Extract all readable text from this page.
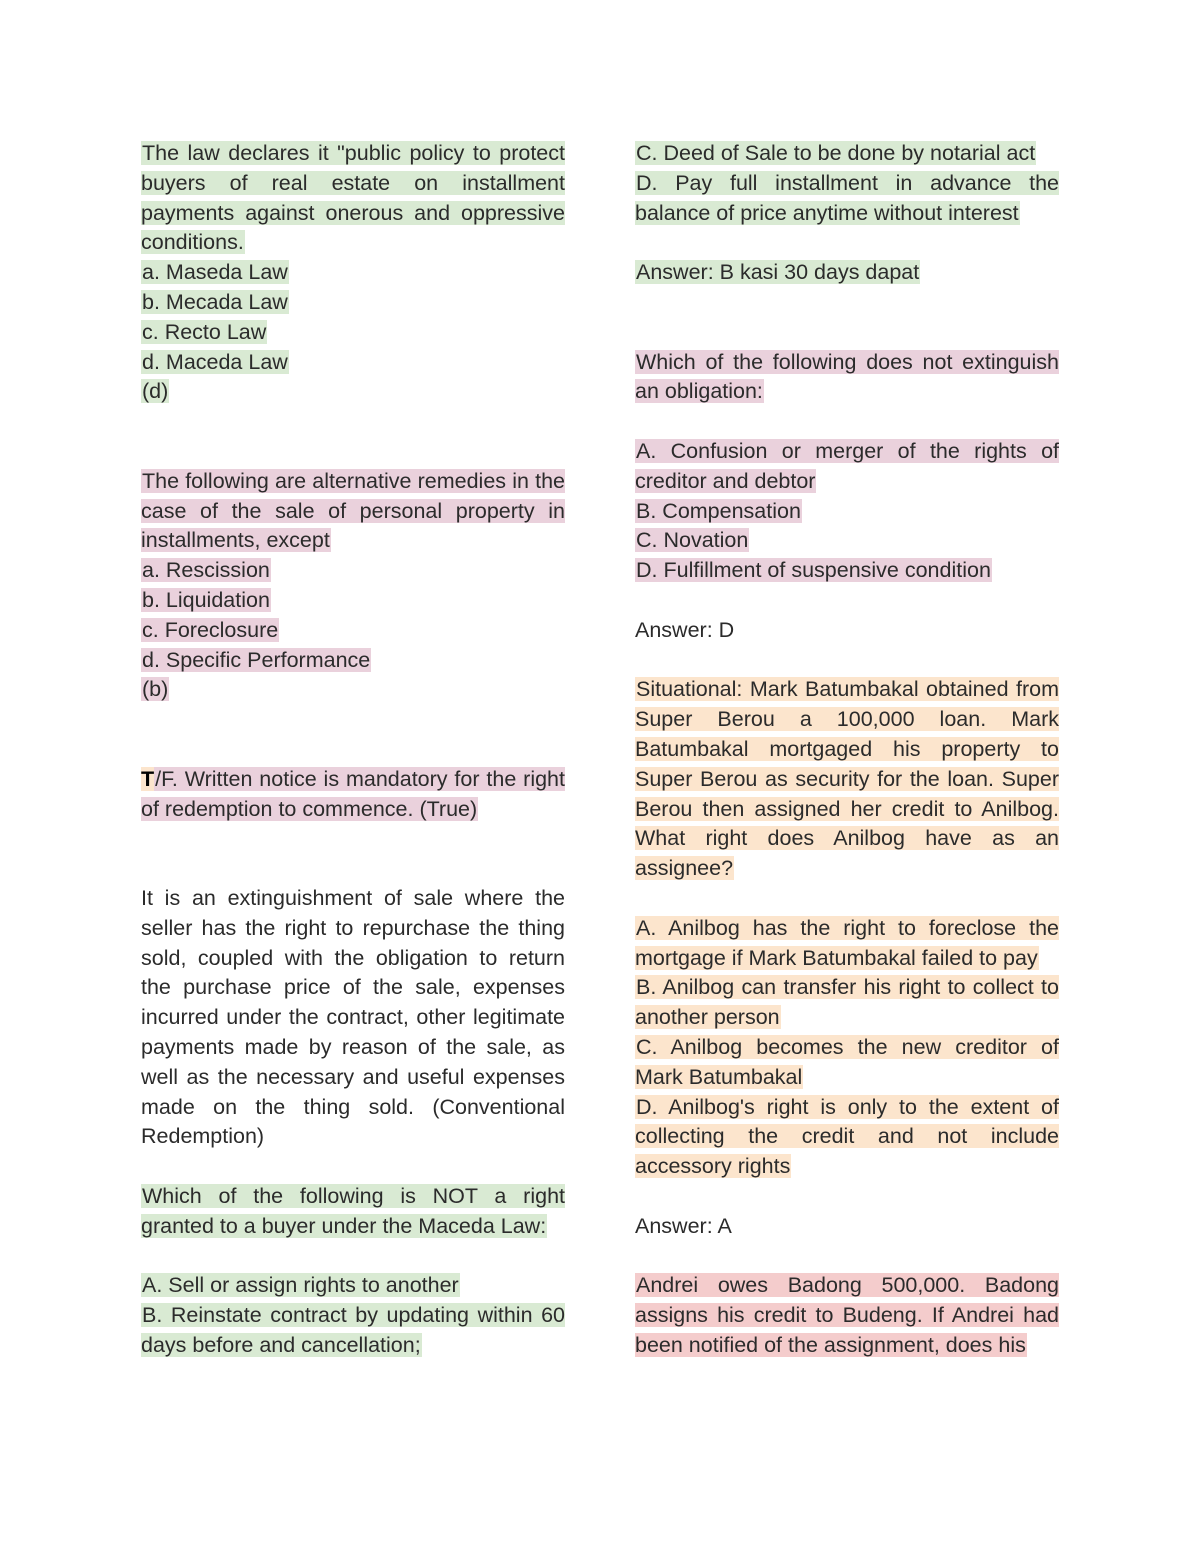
The law declares it "public policy to protect buyers of real estate on installment payments against onerous and oppressive conditions.
a. Maseda Law
b. Mecada Law
c. Recto Law
d. Maceda Law
(d)
The following are alternative remedies in the case of the sale of personal property in installments, except
a. Rescission
b. Liquidation
c. Foreclosure
d. Specific Performance
(b)
T/F. Written notice is mandatory for the right of redemption to commence. (True)
It is an extinguishment of sale where the seller has the right to repurchase the thing sold, coupled with the obligation to return the purchase price of the sale, expenses incurred under the contract, other legitimate payments made by reason of the sale, as well as the necessary and useful expenses made on the thing sold. (Conventional Redemption)
Which of the following is NOT a right granted to a buyer under the Maceda Law:
A. Sell or assign rights to another
B. Reinstate contract by updating within 60 days before and cancellation;
C. Deed of Sale to be done by notarial act
D. Pay full installment in advance the balance of price anytime without interest
Answer: B kasi 30 days dapat
Which of the following does not extinguish an obligation:
A. Confusion or merger of the rights of creditor and debtor
B. Compensation
C. Novation
D. Fulfillment of suspensive condition
Answer: D
Situational: Mark Batumbakal obtained from Super Berou a 100,000 loan. Mark Batumbakal mortgaged his property to Super Berou as security for the loan. Super Berou then assigned her credit to Anilbog. What right does Anilbog have as an assignee?
A. Anilbog has the right to foreclose the mortgage if Mark Batumbakal failed to pay
B. Anilbog can transfer his right to collect to another person
C. Anilbog becomes the new creditor of Mark Batumbakal
D. Anilbog's right is only to the extent of collecting the credit and not include accessory rights
Answer: A
Andrei owes Badong 500,000. Badong assigns his credit to Budeng. If Andrei had been notified of the assignment, does his
